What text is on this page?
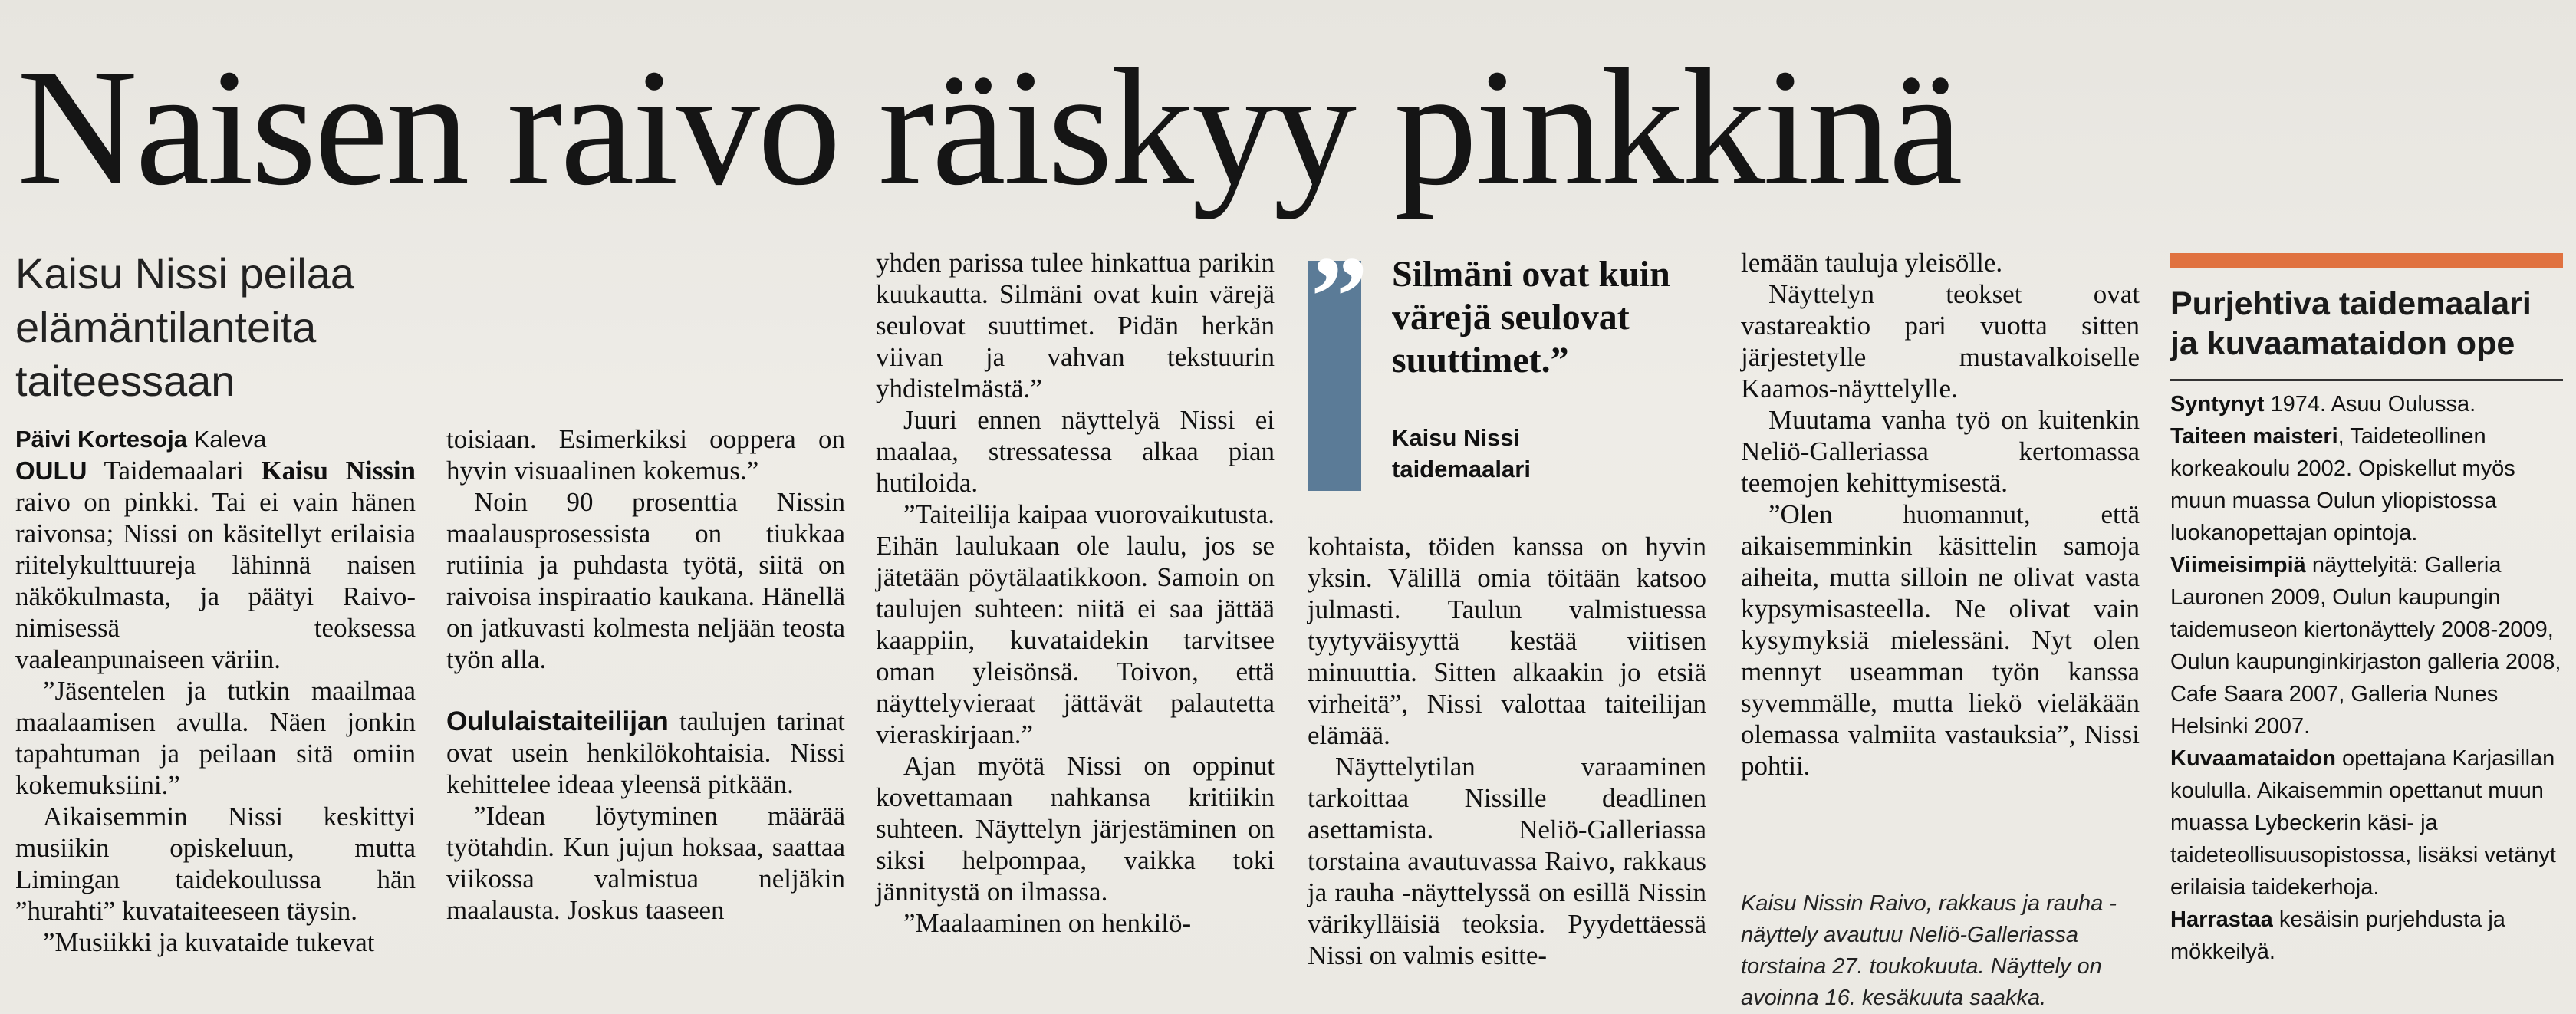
Naisen raivo räiskyy pinkkinä
Kaisu Nissi peilaa elämäntilanteita taiteessaan

Päivi Kortesoja Kaleva

OULU Taidemaalari Kaisu Nissin raivo on pinkki. Tai ei vain hänen raivonsa; Nissi on käsitellyt erilaisia riitelykulttuureja lähinnä naisen näkökulmasta, ja päätyi Raivo-nimisessä teoksessa vaaleanpunaiseen väriin.

”Jäsentelen ja tutkin maailmaa maalaamisen avulla. Näen jonkin tapahtuman ja peilaan sitä omiin kokemuksiini.”

Aikaisemmin Nissi keskittyi musiikin opiskeluun, mutta Limingan taidekoulussa hän ”hurahti” kuvataiteeseen täysin.

”Musiikki ja kuvataide tukevat

toisiaan. Esimerkiksi ooppera on hyvin visuaalinen kokemus.”

Noin 90 prosenttia Nissin maalausprosessista on tiukkaa rutiinia ja puhdasta työtä, siitä on raivoisa inspiraatio kaukana. Hänellä on jatkuvasti kolmesta neljään teosta työn alla.

Oululaistaiteilijan taulujen tarinat ovat usein henkilökohtaisia. Nissi kehittelee ideaa yleensä pitkään.

”Idean löytyminen määrää työtahdin. Kun jujun hoksaa, saattaa viikossa valmistua neljäkin maalausta. Joskus taaseen

yhden parissa tulee hinkattua parikin kuukautta. Silmäni ovat kuin värejä seulovat suuttimet. Pidän herkän viivan ja vahvan tekstuurin yhdistelmästä.”

Juuri ennen näyttelyä Nissi ei maalaa, stressatessa alkaa pian hutiloida.

”Taiteilija kaipaa vuorovaikutusta. Eihän laulukaan ole laulu, jos se jätetään pöytälaatikkoon. Samoin on taulujen suhteen: niitä ei saa jättää kaappiin, kuvataidekin tarvitsee oman yleisönsä. Toivon, että näyttelyvieraat jättävät palautetta vieraskirjaan.”

Ajan myötä Nissi on oppinut kovettamaan nahkansa kritiikin suhteen. Näyttelyn järjestäminen on siksi helpompaa, vaikka toki jännitystä on ilmassa.

”Maalaaminen on henkilö-

” Silmäni ovat kuin värejä seulovat suuttimet.”
Kaisu Nissi
taidemaalari

kohtaista, töiden kanssa on hyvin yksin. Välillä omia töitään katsoo julmasti. Taulun valmistuessa tyytyväisyyttä kestää viitisen minuuttia. Sitten alkaakin jo etsiä virheitä”, Nissi valottaa taiteilijan elämää.

Näyttelytilan varaaminen tarkoittaa Nissille deadlinen asettamista. Neliö-Galleriassa torstaina avautuvassa Raivo, rakkaus ja rauha -näyttelyssä on esillä Nissin värikylläisiä teoksia. Pyydettäessä Nissi on valmis esitte-

lemään tauluja yleisölle.

Näyttelyn teokset ovat vastareaktio pari vuotta sitten järjestetylle mustavalkoiselle Kaamos-näyttelylle.

Muutama vanha työ on kuitenkin Neliö-Galleriassa kertomassa teemojen kehittymisestä.

”Olen huomannut, että aikaisemminkin käsittelin samoja aiheita, mutta silloin ne olivat vasta kypsymisasteella. Ne olivat vain kysymyksiä mielessäni. Nyt olen mennyt useamman työn kanssa syvemmälle, mutta liekö vieläkään olemassa valmiita vastauksia”, Nissi pohtii.

Kaisu Nissin Raivo, rakkaus ja rauha -näyttely avautuu Neliö-Galleriassa torstaina 27. toukokuuta. Näyttely on avoinna 16. kesäkuuta saakka.
Purjehtiva taidemaalari ja kuvaamataidon ope

Syntynyt 1974. Asuu Oulussa.

Taiteen maisteri, Taideteollinen korkeakoulu 2002. Opiskellut myös muun muassa Oulun yliopistossa luokanopettajan opintoja.

Viimeisimpiä näyttelyitä: Galleria Lauronen 2009, Oulun kaupungin taidemuseon kiertonäyttely 2008-2009, Oulun kaupunginkirjaston galleria 2008, Cafe Saara 2007, Galleria Nunes Helsinki 2007.

Kuvaamataidon opettajana Karjasillan koululla. Aikaisemmin opettanut muun muassa Lybeckerin käsi- ja taideteollisuusopistossa, lisäksi vetänyt erilaisia taidekerhoja.

Harrastaa kesäisin purjehdusta ja mökkeilyä.
